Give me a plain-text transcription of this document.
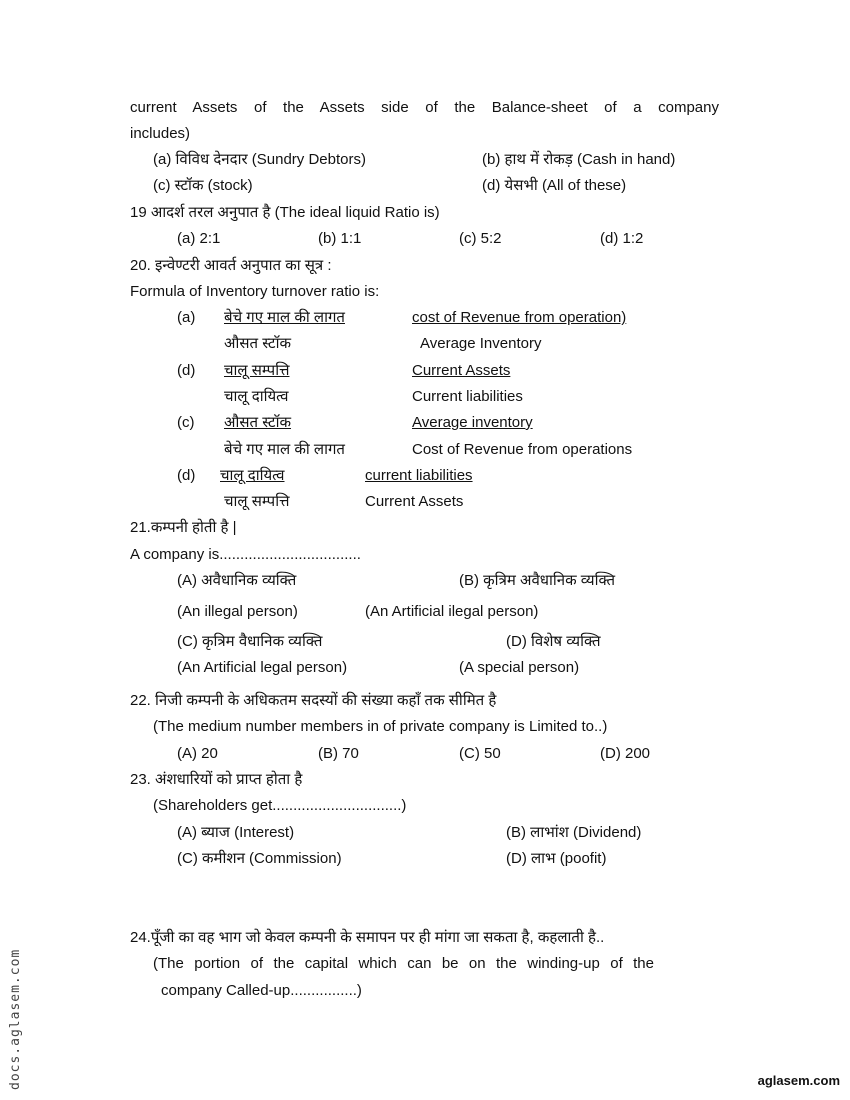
current Assets of the Assets side of the Balance-sheet of a company
includes)
(a) विविध देनदार (Sundry Debtors)	(b) हाथ में रोकड़ (Cash in hand)
(c) स्टॉक (stock)	(d) येसभी (All of these)
19 आदर्श तरल अनुपात है (The ideal liquid Ratio is)
(a) 2:1	(b) 1:1	(c) 5:2	(d) 1:2
20. इन्वेण्टरी आवर्त अनुपात का सूत्र :
Formula of Inventory turnover ratio is:
(a) बेचे गए माल की लागत	cost of Revenue from operation)
औसत स्टॉक	Average Inventory
(d) चालू सम्पत्ति	Current Assets
चालू दायित्व	Current liabilities
(c) औसत स्टॉक	Average inventory
बेचे गए माल की लागत	Cost of Revenue from operations
(d)	चालू दायित्व	current liabilities
चालू सम्पत्ति	Current Assets
21.कम्पनी होती है |
A company is..................................
(A) अवैधानिक व्यक्ति	(B) कृत्रिम अवैधानिक व्यक्ति
(An illegal person)	(An Artificial ilegal person)
(C) कृत्रिम वैधानिक व्यक्ति	(D) विशेष व्यक्ति
(An Artificial legal person)	(A special person)
22. निजी कम्पनी के अधिकतम सदस्यों की संख्या कहाँ तक सीमित है
(The medium number members in of private company is Limited to..)
(A) 20	(B) 70	(C) 50	(D) 200
23. अंशधारियों को प्राप्त होता है
(Shareholders get...............................)
(A) ब्याज (Interest)	(B) लाभांश (Dividend)
(C) कमीशन (Commission)	(D) लाभ (poofit)
24.पूँजी का वह भाग जो केवल कम्पनी के समापन पर ही मांगा जा सकता है, कहलाती है..
(The portion of the capital which can be on the winding-up of the
company Called-up................)
docs.aglasem.com	aglasem.com
